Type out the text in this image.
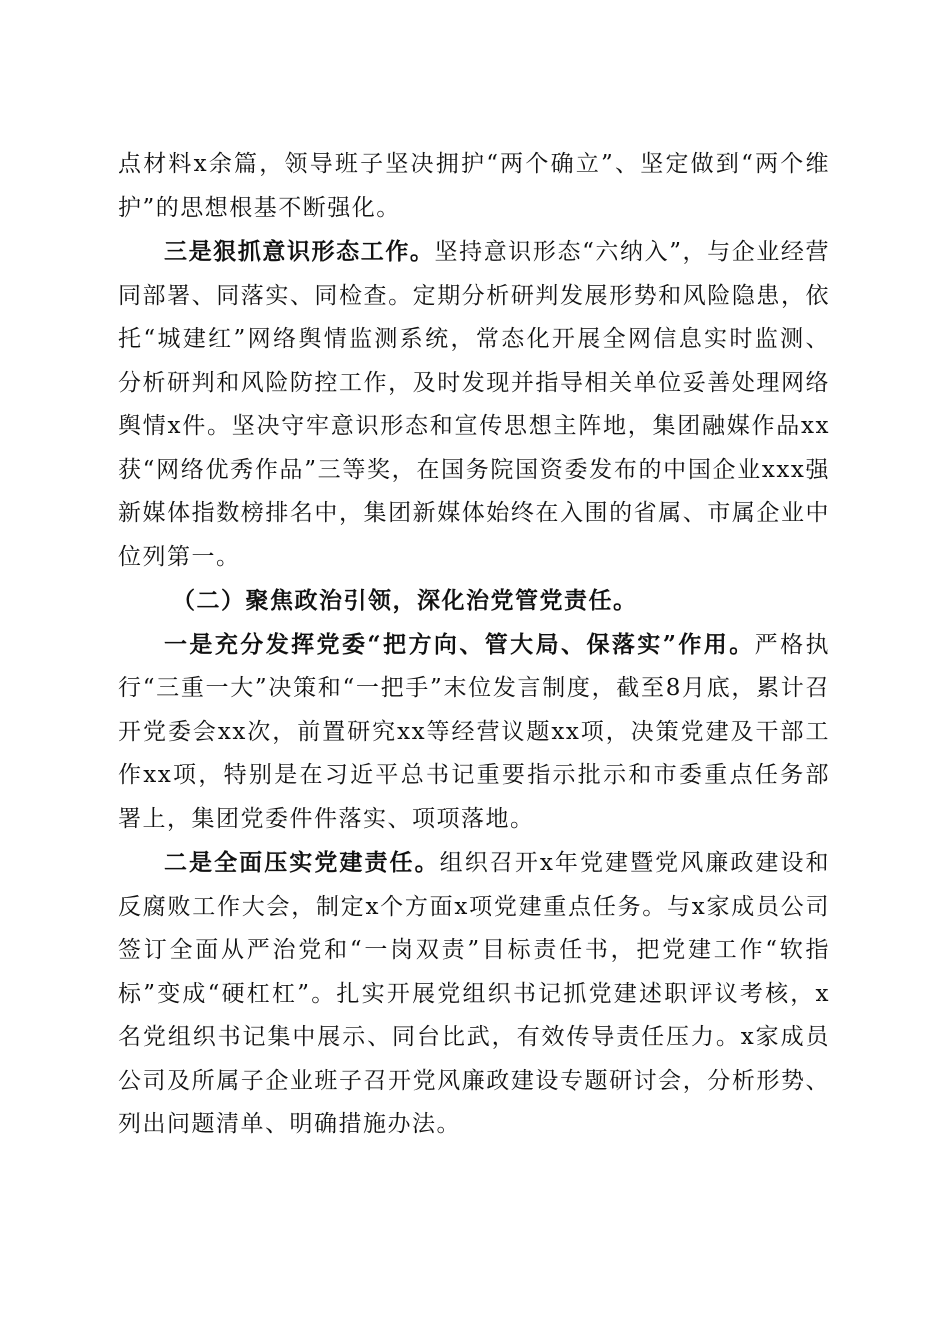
点材料x余篇，领导班子坚决拥护“两个确立”、坚定做到“两个维护”的思想根基不断强化。

三是狠抓意识形态工作。坚持意识形态“六纳入”，与企业经营同部署、同落实、同检查。定期分析研判发展形势和风险隐患，依托“城建红”网络舆情监测系统，常态化开展全网信息实时监测、分析研判和风险防控工作，及时发现并指导相关单位妥善处理网络舆情x件。坚决守牢意识形态和宣传思想主阵地，集团融媒作品xx获“网络优秀作品”三等奖，在国务院国资委发布的中国企业xxx强新媒体指数榜排名中，集团新媒体始终在入围的省属、市属企业中位列第一。

（二）聚焦政治引领，深化治党管党责任。

一是充分发挥党委“把方向、管大局、保落实”作用。严格执行“三重一大”决策和“一把手”末位发言制度，截至8月底，累计召开党委会xx次，前置研究xx等经营议题xx项，决策党建及干部工作xx项，特别是在习近平总书记重要指示批示和市委重点任务部署上，集团党委件件落实、项项落地。

二是全面压实党建责任。组织召开x年党建暨党风廉政建设和反腐败工作大会，制定x个方面x项党建重点任务。与x家成员公司签订全面从严治党和“一岗双责”目标责任书，把党建工作“软指标”变成“硬杠杠”。扎实开展党组织书记抓党建述职评议考核，x名党组织书记集中展示、同台比武，有效传导责任压力。x家成员公司及所属子企业班子召开党风廉政建设专题研讨会，分析形势、列出问题清单、明确措施办法。
